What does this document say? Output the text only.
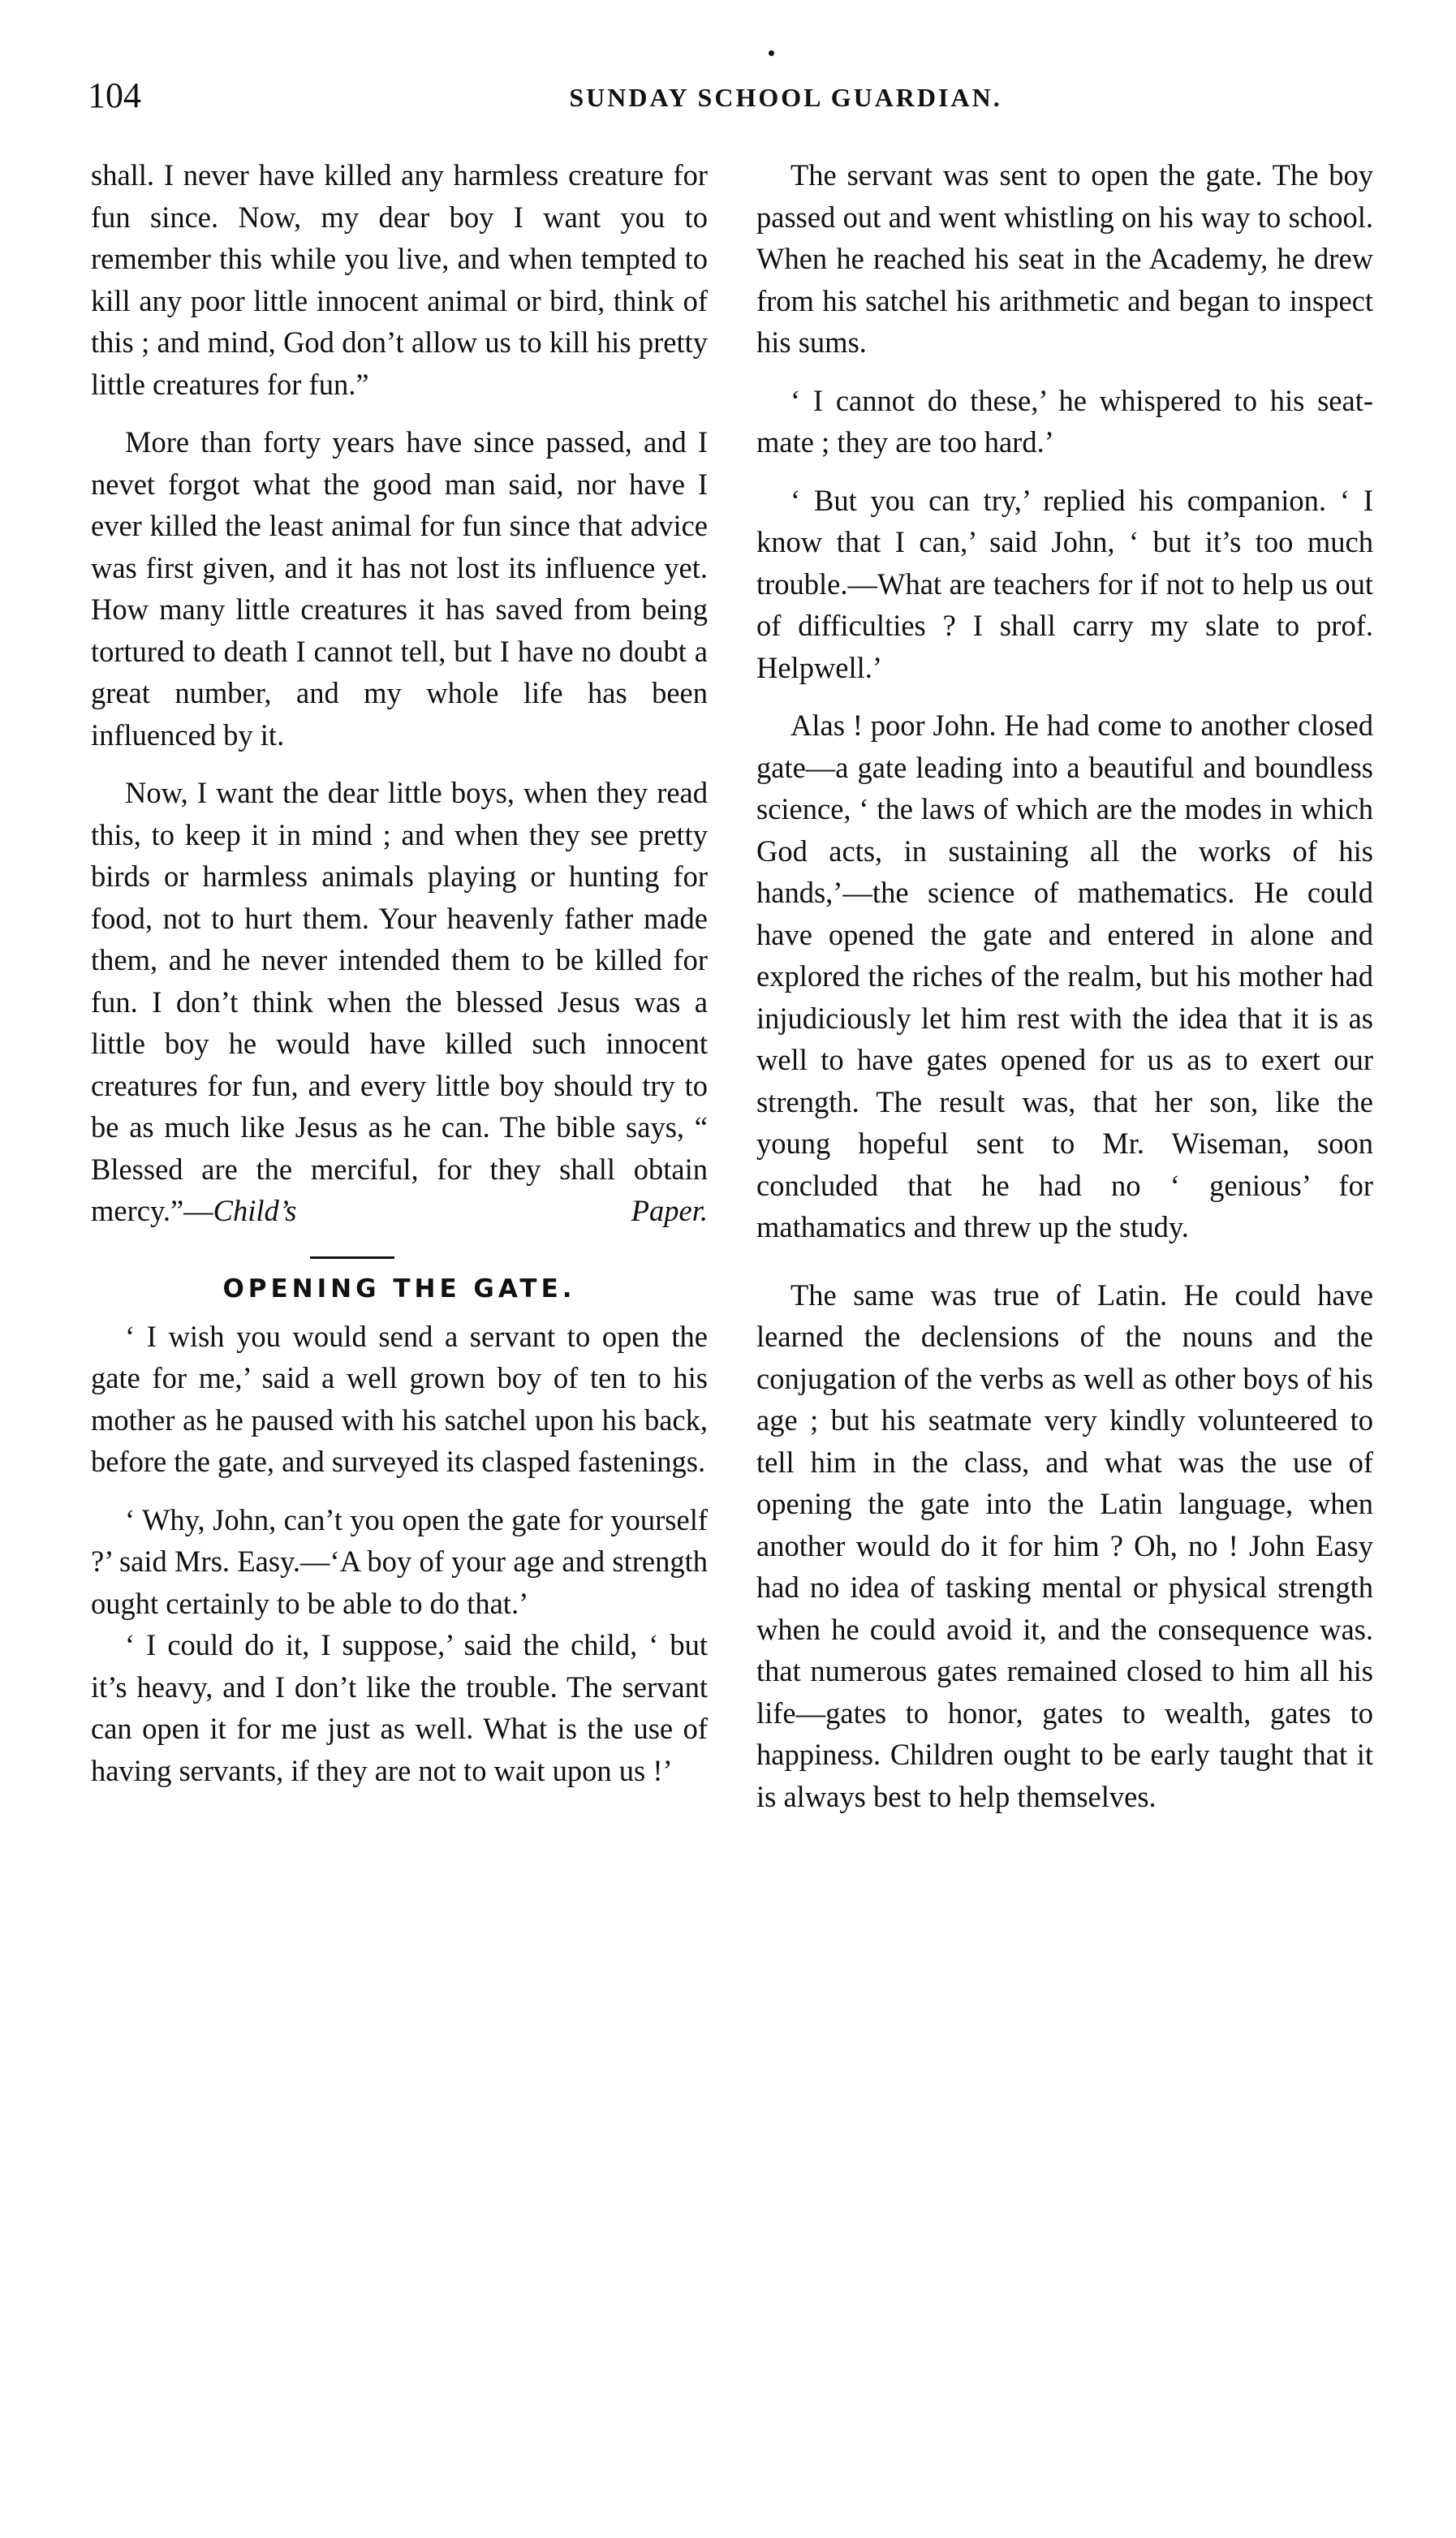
104	SUNDAY SCHOOL GUARDIAN.

shall. I never have killed any harmless creature for fun since. Now, my dear boy I want you to remember this while you live, and when tempted to kill any poor little innocent animal or bird, think of this ; and mind, God don’t allow us to kill his pretty little creatures for fun.”

More than forty years have since passed, and I nevet forgot what the good man said, nor have I ever killed the least animal for fun since that advice was first given, and it has not lost its influence yet. How many little creatures it has saved from being tortured to death I cannot tell, but I have no doubt a great number, and my whole life has been influenced by it.

Now, I want the dear little boys, when they read this, to keep it in mind ; and when they see pretty birds or harmless animals playing or hunting for food, not to hurt them. Your heavenly father made them, and he never intended them to be killed for fun. I don’t think when the blessed Jesus was a little boy he would have killed such innocent creatures for fun, and every little boy should try to be as much like Jesus as he can. The bible says, “ Blessed are the merciful, for they shall obtain mercy.”—Child’s Paper.

OPENING THE GATE.

‘ I wish you would send a servant to open the gate for me,’ said a well grown boy of ten to his mother as he paused with his satchel upon his back, before the gate, and surveyed its clasped fastenings.

‘ Why, John, can’t you open the gate for yourself ?’ said Mrs. Easy.—‘A boy of your age and strength ought certainly to be able to do that.’

‘ I could do it, I suppose,’ said the child, ‘ but it’s heavy, and I don’t like the trouble. The servant can open it for me just as well. What is the use of having servants, if they are not to wait upon us !’

The servant was sent to open the gate. The boy passed out and went whistling on his way to school. When he reached his seat in the Academy, he drew from his satchel his arithmetic and began to inspect his sums.

‘ I cannot do these,’ he whispered to his seat-mate ; they are too hard.’

‘ But you can try,’ replied his companion. ‘ I know that I can,’ said John, ‘ but it’s too much trouble.—What are teachers for if not to help us out of difficulties ? I shall carry my slate to prof. Helpwell.’

Alas ! poor John. He had come to another closed gate—a gate leading into a beautiful and boundless science, ‘ the laws of which are the modes in which God acts, in sustaining all the works of his hands,’—the science of mathematics. He could have opened the gate and entered in alone and explored the riches of the realm, but his mother had injudiciously let him rest with the idea that it is as well to have gates opened for us as to exert our strength. The result was, that her son, like the young hopeful sent to Mr. Wiseman, soon concluded that he had no ‘ genious’ for mathamatics and threw up the study.

The same was true of Latin. He could have learned the declensions of the nouns and the conjugation of the verbs as well as other boys of his age ; but his seatmate very kindly volunteered to tell him in the class, and what was the use of opening the gate into the Latin language, when another would do it for him ? Oh, no ! John Easy had no idea of tasking mental or physical strength when he could avoid it, and the consequence was. that numerous gates remained closed to him all his life—gates to honor, gates to wealth, gates to happiness. Children ought to be early taught that it is always best to help themselves.
